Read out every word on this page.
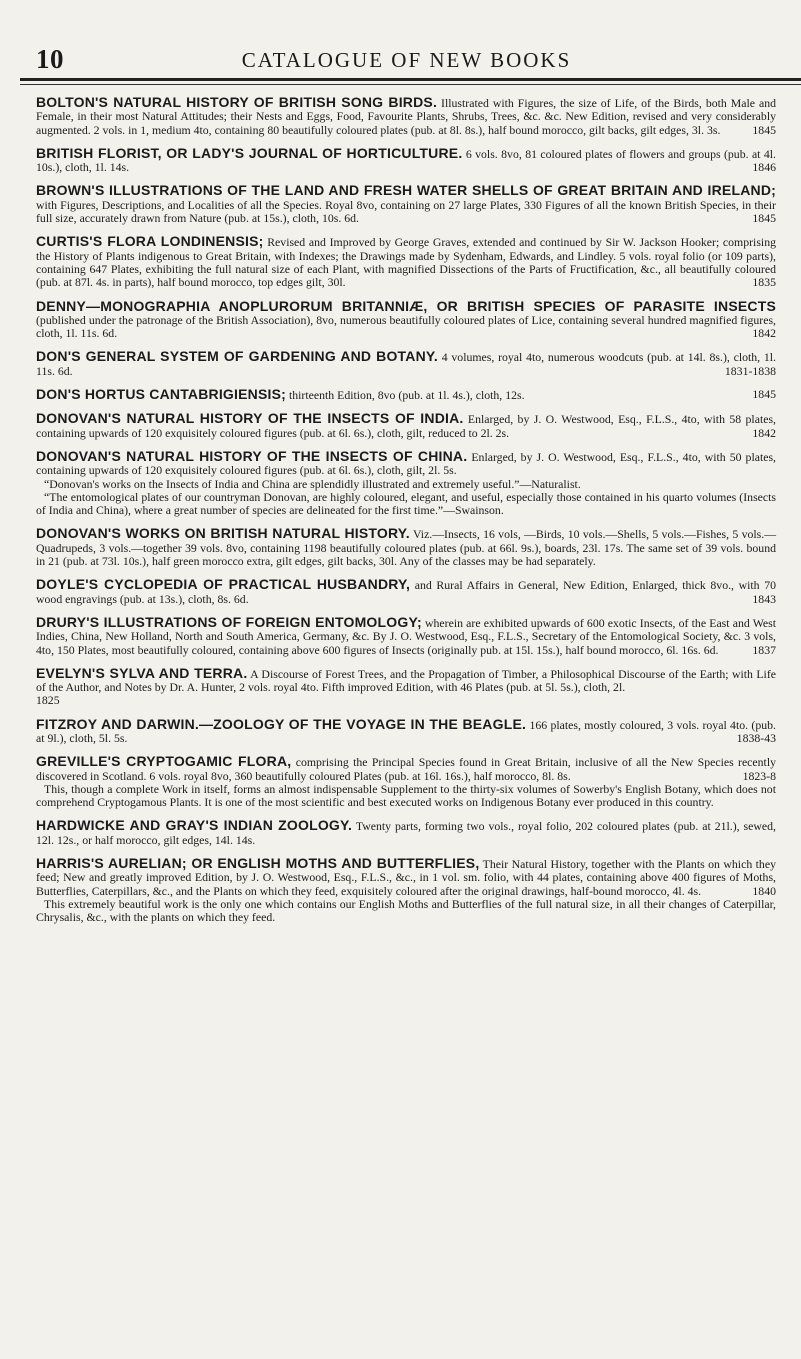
10	CATALOGUE OF NEW BOOKS

BOLTON'S NATURAL HISTORY OF BRITISH SONG BIRDS. Illustrated with Figures, the size of Life, of the Birds, both Male and Female, in their most Natural Attitudes; their Nests and Eggs, Food, Favourite Plants, Shrubs, Trees, &c. &c. New Edition, revised and very considerably augmented. 2 vols. in 1, medium 4to, containing 80 beautifully coloured plates (pub. at 8l. 8s.), half bound morocco, gilt backs, gilt edges, 3l. 3s.	1845

BRITISH FLORIST, OR LADY'S JOURNAL OF HORTICULTURE. 6 vols. 8vo, 81 coloured plates of flowers and groups (pub. at 4l. 10s.), cloth, 1l. 14s.	1846

BROWN'S ILLUSTRATIONS OF THE LAND AND FRESH WATER SHELLS OF GREAT BRITAIN AND IRELAND; with Figures, Descriptions, and Localities of all the Species. Royal 8vo, containing on 27 large Plates, 330 Figures of all the known British Species, in their full size, accurately drawn from Nature (pub. at 15s.), cloth, 10s. 6d.	1845

CURTIS'S FLORA LONDINENSIS; Revised and Improved by George Graves, extended and continued by Sir W. Jackson Hooker; comprising the History of Plants indigenous to Great Britain, with Indexes; the Drawings made by Sydenham, Edwards, and Lindley. 5 vols. royal folio (or 109 parts), containing 647 Plates, exhibiting the full natural size of each Plant, with magnified Dissections of the Parts of Fructification, &c., all beautifully coloured (pub. at 87l. 4s. in parts), half bound morocco, top edges gilt, 30l.	1835

DENNY—MONOGRAPHIA ANOPLURORUM BRITANNIÆ, OR BRITISH SPECIES OF PARASITE INSECTS (published under the patronage of the British Association), 8vo, numerous beautifully coloured plates of Lice, containing several hundred magnified figures, cloth, 1l. 11s. 6d.	1842

DON'S GENERAL SYSTEM OF GARDENING AND BOTANY. 4 volumes, royal 4to, numerous woodcuts (pub. at 14l. 8s.), cloth, 1l. 11s. 6d.	1831-1838

DON'S HORTUS CANTABRIGIENSIS; thirteenth Edition, 8vo (pub. at 1l. 4s.), cloth, 12s.	1845

DONOVAN'S NATURAL HISTORY OF THE INSECTS OF INDIA. Enlarged, by J. O. Westwood, Esq., F.L.S., 4to, with 58 plates, containing upwards of 120 exquisitely coloured figures (pub. at 6l. 6s.), cloth, gilt, reduced to 2l. 2s.	1842

DONOVAN'S NATURAL HISTORY OF THE INSECTS OF CHINA. Enlarged, by J. O. Westwood, Esq., F.L.S., 4to, with 50 plates, containing upwards of 120 exquisitely coloured figures (pub. at 6l. 6s.), cloth, gilt, 2l. 5s.

“Donovan's works on the Insects of India and China are splendidly illustrated and extremely useful.”—Naturalist.

“The entomological plates of our countryman Donovan, are highly coloured, elegant, and useful, especially those contained in his quarto volumes (Insects of India and China), where a great number of species are delineated for the first time.”—Swainson.

DONOVAN'S WORKS ON BRITISH NATURAL HISTORY. Viz.—Insects, 16 vols, —Birds, 10 vols.—Shells, 5 vols.—Fishes, 5 vols.—Quadrupeds, 3 vols.—together 39 vols. 8vo, containing 1198 beautifully coloured plates (pub. at 66l. 9s.), boards, 23l. 17s. The same set of 39 vols. bound in 21 (pub. at 73l. 10s.), half green morocco extra, gilt edges, gilt backs, 30l. Any of the classes may be had separately.

DOYLE'S CYCLOPEDIA OF PRACTICAL HUSBANDRY, and Rural Affairs in General, New Edition, Enlarged, thick 8vo., with 70 wood engravings (pub. at 13s.), cloth, 8s. 6d.	1843

DRURY'S ILLUSTRATIONS OF FOREIGN ENTOMOLOGY; wherein are exhibited upwards of 600 exotic Insects, of the East and West Indies, China, New Holland, North and South America, Germany, &c. By J. O. Westwood, Esq., F.L.S., Secretary of the Entomological Society, &c. 3 vols, 4to, 150 Plates, most beautifully coloured, containing above 600 figures of Insects (originally pub. at 15l. 15s.), half bound morocco, 6l. 16s. 6d.	1837

EVELYN'S SYLVA AND TERRA. A Discourse of Forest Trees, and the Propagation of Timber, a Philosophical Discourse of the Earth; with Life of the Author, and Notes by Dr. A. Hunter, 2 vols. royal 4to. Fifth improved Edition, with 46 Plates (pub. at 5l. 5s.), cloth, 2l.

1825

FITZROY AND DARWIN.—ZOOLOGY OF THE VOYAGE IN THE BEAGLE. 166 plates, mostly coloured, 3 vols. royal 4to. (pub. at 9l.), cloth, 5l. 5s.	1838-43

GREVILLE'S CRYPTOGAMIC FLORA, comprising the Principal Species found in Great Britain, inclusive of all the New Species recently discovered in Scotland. 6 vols. royal 8vo, 360 beautifully coloured Plates (pub. at 16l. 16s.), half morocco, 8l. 8s.	1823-8

This, though a complete Work in itself, forms an almost indispensable Supplement to the thirty-six volumes of Sowerby's English Botany, which does not comprehend Cryptogamous Plants. It is one of the most scientific and best executed works on Indigenous Botany ever produced in this country.

HARDWICKE AND GRAY'S INDIAN ZOOLOGY. Twenty parts, forming two vols., royal folio, 202 coloured plates (pub. at 21l.), sewed, 12l. 12s., or half morocco, gilt edges, 14l. 14s.

HARRIS'S AURELIAN; OR ENGLISH MOTHS AND BUTTERFLIES, Their Natural History, together with the Plants on which they feed; New and greatly improved Edition, by J. O. Westwood, Esq., F.L.S., &c., in 1 vol. sm. folio, with 44 plates, containing above 400 figures of Moths, Butterflies, Caterpillars, &c., and the Plants on which they feed, exquisitely coloured after the original drawings, half-bound morocco, 4l. 4s.	1840

This extremely beautiful work is the only one which contains our English Moths and Butterflies of the full natural size, in all their changes of Caterpillar, Chrysalis, &c., with the plants on which they feed.
